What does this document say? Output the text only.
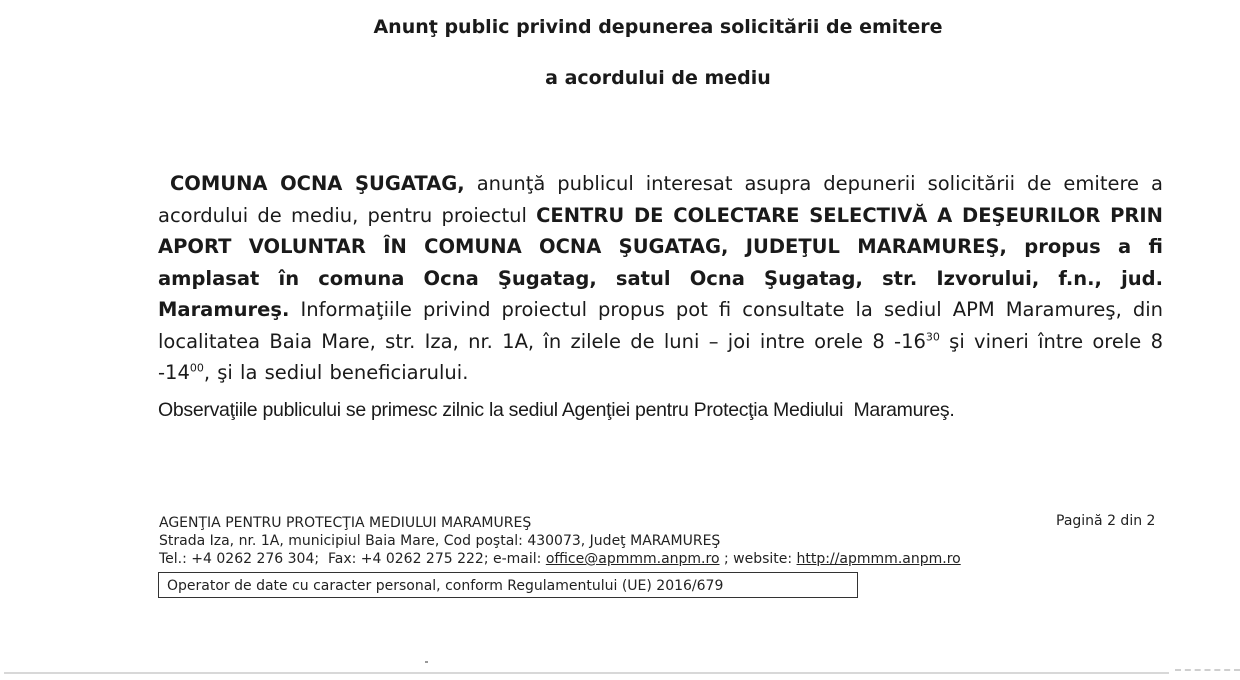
Anunţ public privind depunerea solicitării de emitere
a acordului de mediu
COMUNA OCNA ŞUGATAG, anunţă publicul interesat asupra depunerii solicitării de emitere a acordului de mediu, pentru proiectul CENTRU DE COLECTARE SELECTIVĂ A DEŞEURILOR PRIN APORT VOLUNTAR ÎN COMUNA OCNA ŞUGATAG, JUDEŢUL MARAMUREŞ, propus a fi amplasat în comuna Ocna Şugatag, satul Ocna Şugatag, str. Izvorului, f.n., jud. Maramureş. Informaţiile privind proiectul propus pot fi consultate la sediul APM Maramureş, din localitatea Baia Mare, str. Iza, nr. 1A, în zilele de luni – joi intre orele 8 $-16^{30}$ şi vineri între orele 8 $-14^{00}$, şi la sediul beneficiarului.
Observaţiile publicului se primesc zilnic la sediul Agenţiei pentru Protecţia Mediului  Maramureş.
AGENŢIA PENTRU PROTECŢIA MEDIULUI MARAMUREŞ
Strada Iza, nr. 1A, municipiul Baia Mare, Cod poştal: 430073, Judeţ MARAMUREŞ
Tel.: +4 0262 276 304;  Fax: +4 0262 275 222; e-mail: office@apmmm.anpm.ro ; website: http://apmmm.anpm.ro
Pagină 2 din 2
Operator de date cu caracter personal, conform Regulamentului (UE) 2016/679
